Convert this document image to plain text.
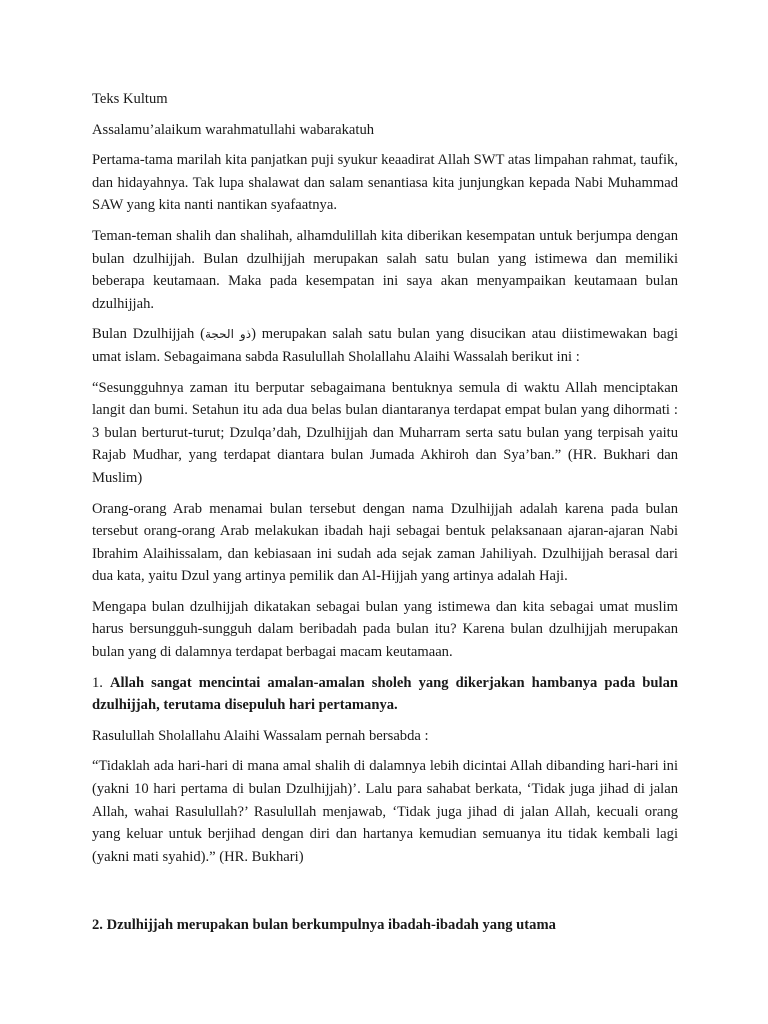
Teks Kultum

Assalamu’alaikum warahmatullahi wabarakatuh

Pertama-tama marilah kita panjatkan puji syukur keaadirat Allah SWT atas limpahan rahmat, taufik, dan hidayahnya. Tak lupa shalawat dan salam senantiasa kita junjungkan kepada Nabi Muhammad SAW yang kita nanti nantikan syafaatnya.

Teman-teman shalih dan shalihah, alhamdulillah kita diberikan kesempatan untuk berjumpa dengan bulan dzulhijjah. Bulan dzulhijjah merupakan salah satu bulan yang istimewa dan memiliki beberapa keutamaan. Maka pada kesempatan ini saya akan menyampaikan keutamaan bulan dzulhijjah.

Bulan Dzulhijjah (ذو الحجة) merupakan salah satu bulan yang disucikan atau diistimewakan bagi umat islam. Sebagaimana sabda Rasulullah Sholallahu Alaihi Wassalah berikut ini :

“Sesungguhnya zaman itu berputar sebagaimana bentuknya semula di waktu Allah menciptakan langit dan bumi. Setahun itu ada dua belas bulan diantaranya terdapat empat bulan yang dihormati : 3 bulan berturut-turut; Dzulqa’dah, Dzulhijjah dan Muharram serta satu bulan yang terpisah yaitu Rajab Mudhar, yang terdapat diantara bulan Jumada Akhiroh dan Sya’ban.” (HR. Bukhari dan Muslim)

Orang-orang Arab menamai bulan tersebut dengan nama Dzulhijjah adalah karena pada bulan tersebut orang-orang Arab melakukan ibadah haji sebagai bentuk pelaksanaan ajaran-ajaran Nabi Ibrahim Alaihissalam, dan kebiasaan ini sudah ada sejak zaman Jahiliyah. Dzulhijjah berasal dari dua kata, yaitu Dzul yang artinya pemilik dan Al-Hijjah yang artinya adalah Haji.

Mengapa bulan dzulhijjah dikatakan sebagai bulan yang istimewa dan kita sebagai umat muslim harus bersungguh-sungguh dalam beribadah pada bulan itu? Karena bulan dzulhijjah merupakan bulan yang di dalamnya terdapat berbagai macam keutamaan.

1. Allah sangat mencintai amalan-amalan sholeh yang dikerjakan hambanya pada bulan dzulhijjah, terutama disepuluh hari pertamanya.

Rasulullah Sholallahu Alaihi Wassalam pernah bersabda :

“Tidaklah ada hari-hari di mana amal shalih di dalamnya lebih dicintai Allah dibanding hari-hari ini (yakni 10 hari pertama di bulan Dzulhijjah)’. Lalu para sahabat berkata, ‘Tidak juga jihad di jalan Allah, wahai Rasulullah?’ Rasulullah menjawab, ‘Tidak juga jihad di jalan Allah, kecuali orang yang keluar untuk berjihad dengan diri dan hartanya kemudian semuanya itu tidak kembali lagi (yakni mati syahid).” (HR. Bukhari)

2. Dzulhijjah merupakan bulan berkumpulnya ibadah-ibadah yang utama
